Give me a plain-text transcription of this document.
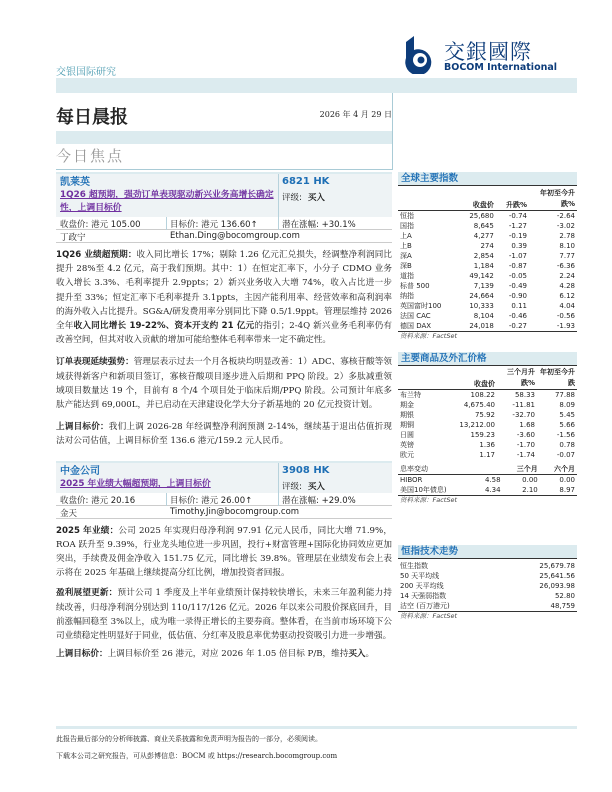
交银国际研究
交銀國際
BOCOM International
每日晨报	2026 年 4 月 29 日
今日焦点
凯莱英
1Q26 超预期，强劲订单表现驱动新兴业务高增长确定性，上调目标价
6821 HK
评级: 买入
收盘价: 港元 105.00	目标价: 港元 136.60↑	潜在涨幅: +30.1%
丁政宁	Ethan.Ding@bocomgroup.com
1Q26 业绩超预期：收入同比增长 17%；剔除 1.26 亿元汇兑损失，经调整净利润同比提升 28%至 4.2 亿元，高于我们预期。其中：1）在恒定汇率下，小分子 CDMO 业务收入增长 3.3%、毛利率提升 2.9ppts；2）新兴业务收入大增 74%，收入占比进一步提升至 33%；恒定汇率下毛利率提升 3.1ppts，主因产能利用率、经营效率和高利润率的海外收入占比提升。SG&A/研发费用率分别同比下降 0.5/1.9ppt。管理层维持 2026 全年收入同比增长 19-22%、资本开支约 21 亿元的指引；2-4Q 新兴业务毛利率仍有改善空间，但其对收入贡献的增加可能给整体毛利率带来一定不确定性。
订单表现延续强势：管理层表示过去一个月各板块均明显改善：1）ADC、寡核苷酸等领域获得新客户和新项目签订，寡核苷酸项目逐步进入后期和 PPQ 阶段。2）多肽减重领域项目数量达 19 个，目前有 8 个/4 个项目处于临床后期/PPQ 阶段。公司预计年底多肽产能达到 69,000L，并已启动在天津建设化学大分子新基地的 20 亿元投资计划。
上调目标价：我们上调 2026-28 年经调整净利润预测 2-14%，继续基于退出估值折现法对公司估值，上调目标价至 136.6 港元/159.2 元人民币。
中金公司
2025 年业绩大幅超预期，上调目标价
3908 HK
评级: 买入
收盘价: 港元 20.16	目标价: 港元 26.00↑	潜在涨幅: +29.0%
金天	Timothy.Jin@bocomgroup.com
2025 年业绩：公司 2025 年实现归母净利润 97.91 亿元人民币，同比大增 71.9%，ROA 跃升至 9.39%，行业龙头地位进一步巩固，投行+财富管理+国际化协同效应更加突出，手续费及佣金净收入 151.75 亿元，同比增长 39.8%。管理层在业绩发布会上表示将在 2025 年基础上继续提高分红比例，增加投资者回报。
盈利展望更新：预计公司 1 季度及上半年业绩预计保持较快增长，未来三年盈利能力持续改善，归母净利润分别达到 110/117/126 亿元。2026 年以来公司股价探底回升，目前涨幅回稳至 3%以上，成为唯一录得正增长的主要券商。整体看，在当前市场环境下公司业绩稳定性明显好于同业，低估值、分红率及股息率优势驱动投资吸引力进一步增强。
上调目标价：上调目标价至 26 港元，对应 2026 年 1.05 倍目标 P/B，维持买入。
全球主要指数
	收盘价	升跌%	年初至今升跌%
恒指	25,680	-0.74	-2.64
国指	8,645	-1.27	-3.02
上A	4,277	-0.19	2.78
上B	274	0.39	8.10
深A	2,854	-1.07	7.77
深B	1,184	-0.87	-6.36
道指	49,142	-0.05	2.24
标普 500	7,139	-0.49	4.28
纳指	24,664	-0.90	6.12
英国富时100	10,333	0.11	4.04
法国 CAC	8,104	-0.46	-0.56
德国 DAX	24,018	-0.27	-1.93
资料来源：FactSet
主要商品及外汇价格
	收盘价	三个月升跌%	年初至今升跌
布兰特	108.22	58.33	77.88
期金	4,675.40	-11.81	8.09
期银	75.92	-32.70	5.45
期铜	13,212.00	1.68	5.66
日圆	159.23	-3.60	-1.56
英镑	1.36	-1.70	0.78
欧元	1.17	-1.74	-0.07
息率变动		三个月	六个月
HIBOR	4.58	0.00	0.00
美国10年债息)	4.34	2.10	8.97
资料来源：FactSet
恒指技术走势
恒生指数	25,679.78
50 天平均线	25,641.56
200 天平均线	26,093.98
14 天强弱指数	52.80
沽空 (百万港元)	48,759
资料来源：FactSet
此报告最后部分的分析师披露、商业关系披露和免责声明为报告的一部分，必须阅读。
下载本公司之研究报告，可从彭博信息：BOCM 或 https://research.bocomgroup.com
